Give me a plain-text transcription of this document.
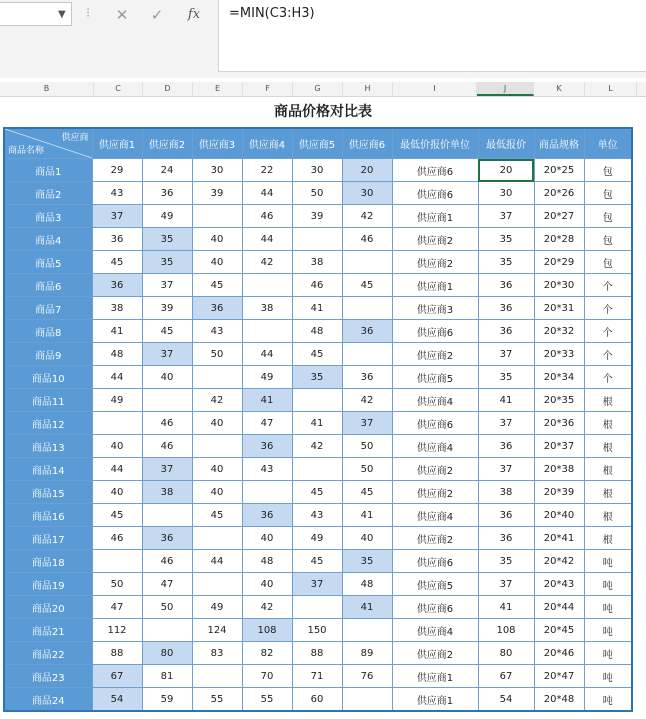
▼ ⁝	✕	✓	fx	=MIN(C3:H3)
B	C	D	E	F	G	H	I	J	K	L
商品价格对比表
供应商
商品名称	供应商1	供应商2	供应商3	供应商4	供应商5	供应商6	最低价报价单位	最低报价	商品规格	单位
商品1	29	24	30	22	30	20	供应商6	20	20*25	包
商品2	43	36	39	44	50	30	供应商6	30	20*26	包
商品3	37	49		46	39	42	供应商1	37	20*27	包
商品4	36	35	40	44		46	供应商2	35	20*28	包
商品5	45	35	40	42	38		供应商2	35	20*29	包
商品6	36	37	45		46	45	供应商1	36	20*30	个
商品7	38	39	36	38	41		供应商3	36	20*31	个
商品8	41	45	43		48	36	供应商6	36	20*32	个
商品9	48	37	50	44	45		供应商2	37	20*33	个
商品10	44	40		49	35	36	供应商5	35	20*34	个
商品11	49		42	41		42	供应商4	41	20*35	根
商品12		46	40	47	41	37	供应商6	37	20*36	根
商品13	40	46		36	42	50	供应商4	36	20*37	根
商品14	44	37	40	43		50	供应商2	37	20*38	根
商品15	40	38	40		45	45	供应商2	38	20*39	根
商品16	45		45	36	43	41	供应商4	36	20*40	根
商品17	46	36		40	49	40	供应商2	36	20*41	根
商品18		46	44	48	45	35	供应商6	35	20*42	吨
商品19	50	47		40	37	48	供应商5	37	20*43	吨
商品20	47	50	49	42		41	供应商6	41	20*44	吨
商品21	112		124	108	150		供应商4	108	20*45	吨
商品22	88	80	83	82	88	89	供应商2	80	20*46	吨
商品23	67	81		70	71	76	供应商1	67	20*47	吨
商品24	54	59	55	55	60		供应商1	54	20*48	吨
